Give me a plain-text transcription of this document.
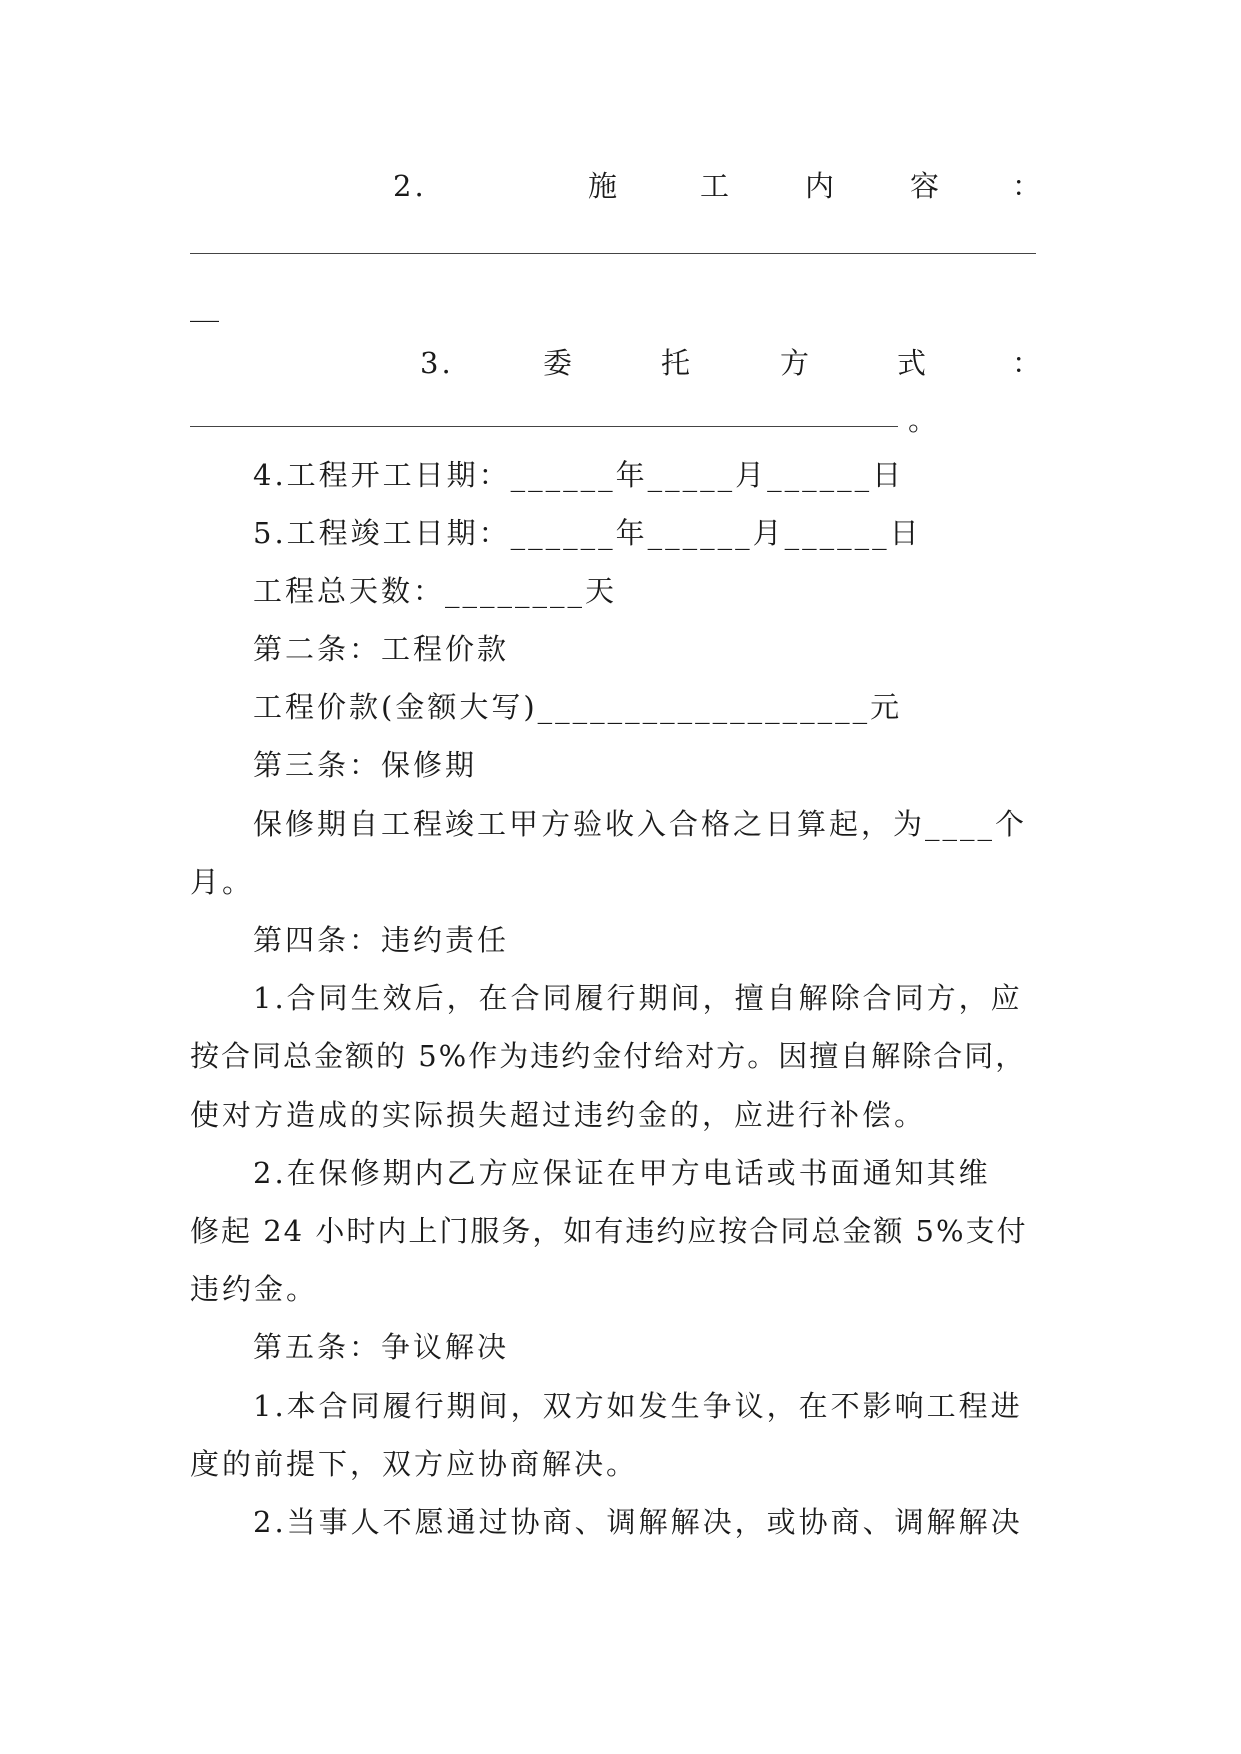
2.	施	工	内	容 ：
__
3.	委	托	方	式	：
。
4.工程开工日期：______年_____月______日
5.工程竣工日期：______年______月______日
工程总天数：________天
第二条：工程价款
工程价款(金额大写)___________________元
第三条：保修期
保修期自工程竣工甲方验收入合格之日算起，为____个
月。
第四条：违约责任
1.合同生效后，在合同履行期间，擅自解除合同方，应
按合同总金额的 5%作为违约金付给对方。因擅自解除合同，
使对方造成的实际损失超过违约金的，应进行补偿。
2.在保修期内乙方应保证在甲方电话或书面通知其维
修起 24 小时内上门服务，如有违约应按合同总金额 5%支付
违约金。
第五条：争议解决
1.本合同履行期间，双方如发生争议，在不影响工程进
度的前提下，双方应协商解决。
2.当事人不愿通过协商、调解解决，或协商、调解解决
